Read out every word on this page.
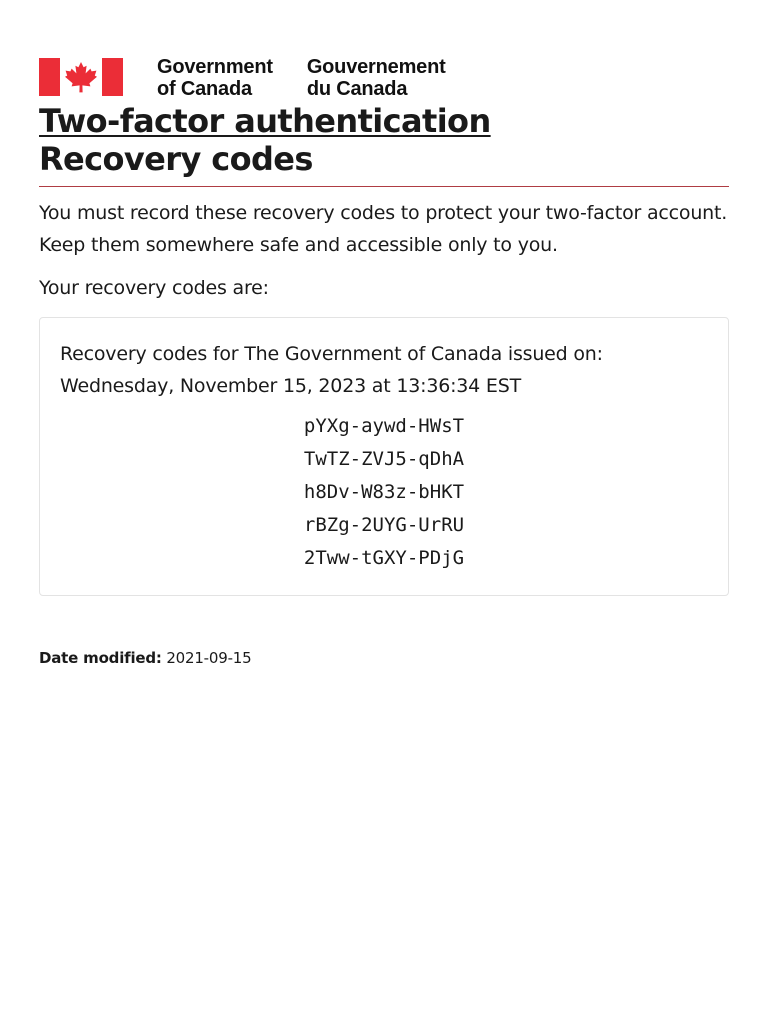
Government
of Canada
Gouvernement
du Canada
Two-factor authentication
Recovery codes

You must record these recovery codes to protect your two-factor account. Keep them somewhere safe and accessible only to you.

Your recovery codes are:

Recovery codes for The Government of Canada issued on:
Wednesday, November 15, 2023 at 13:36:34 EST
pYXg-aywd-HWsT
TwTZ-ZVJ5-qDhA
h8Dv-W83z-bHKT
rBZg-2UYG-UrRU
2Tww-tGXY-PDjG
Date modified: 2021-09-15
